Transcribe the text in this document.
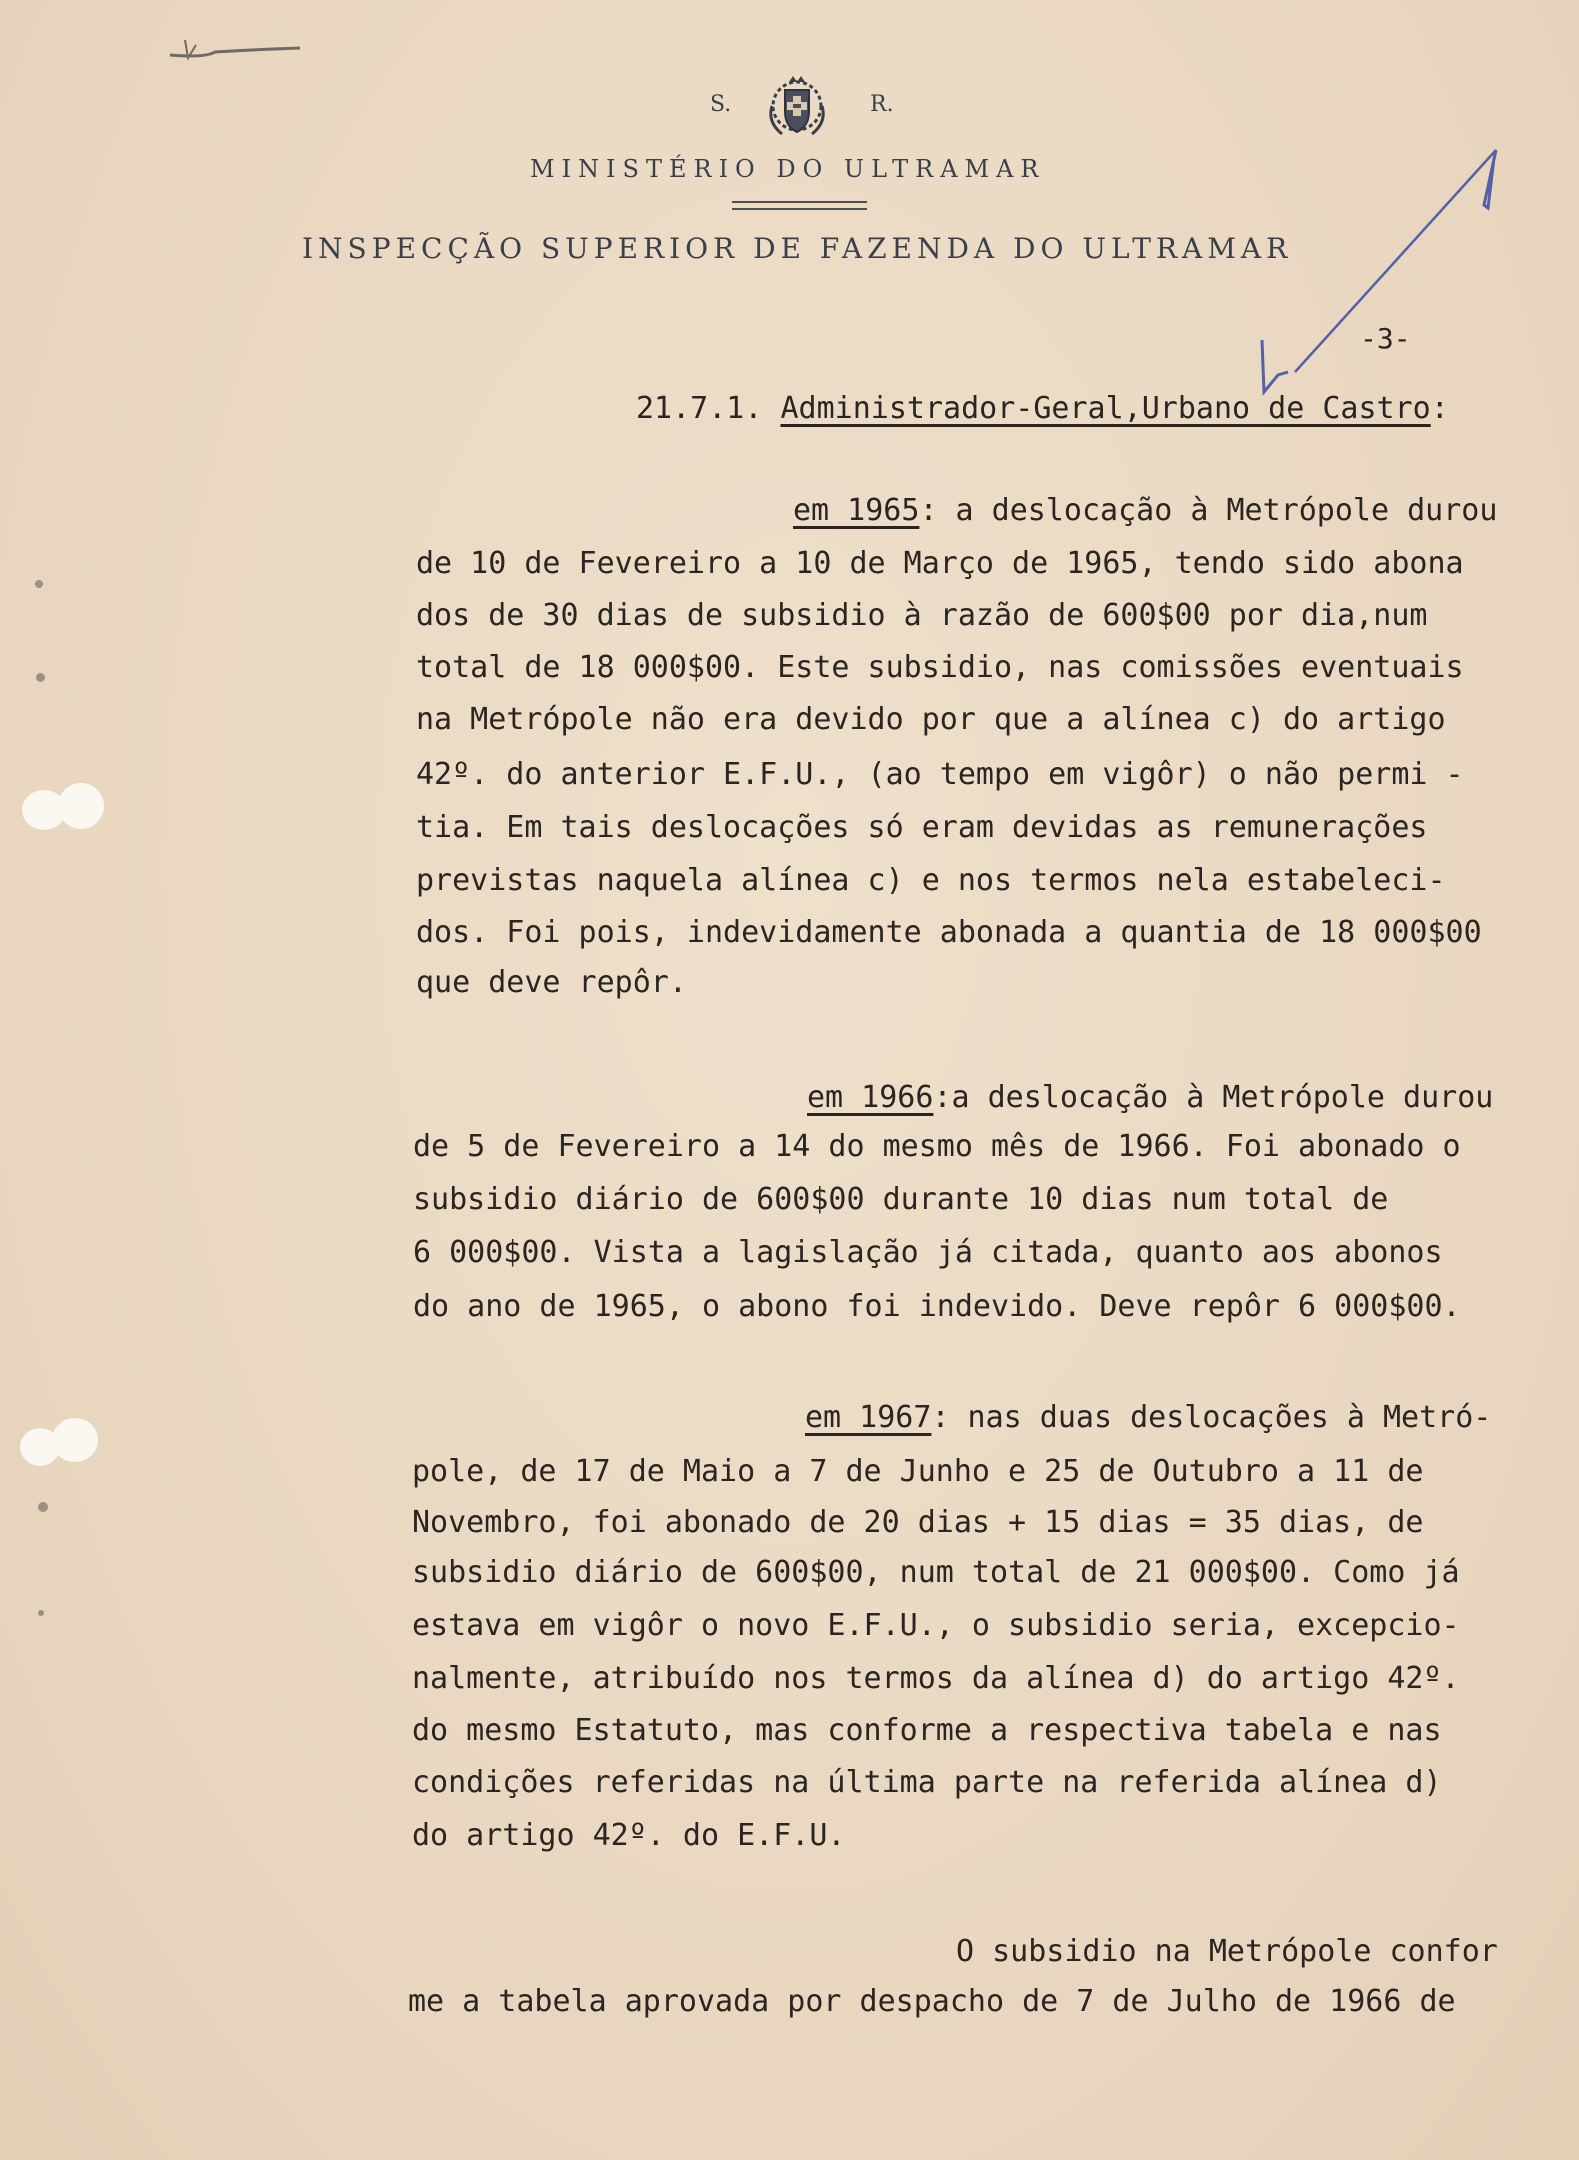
S.	R.
MINISTÉRIO DO ULTRAMAR
INSPECÇÃO SUPERIOR DE FAZENDA DO ULTRAMAR
-3-
21.7.1. Administrador-Geral,Urbano de Castro:
em 1965: a deslocação à Metrópole durou
de 10 de Fevereiro a 10 de Março de 1965, tendo sido abona
dos de 30 dias de subsidio à razão de 600$00 por dia,num
total de 18 000$00. Este subsidio, nas comissões eventuais
na Metrópole não era devido por que a alínea c) do artigo
42º. do anterior E.F.U., (ao tempo em vigôr) o não permi -
tia. Em tais deslocações só eram devidas as remunerações
previstas naquela alínea c) e nos termos nela estabeleci-
dos. Foi pois, indevidamente abonada a quantia de 18 000$00
que deve repôr.
em 1966:a deslocação à Metrópole durou
de 5 de Fevereiro a 14 do mesmo mês de 1966. Foi abonado o
subsidio diário de 600$00 durante 10 dias num total de
6 000$00. Vista a lagislação já citada, quanto aos abonos
do ano de 1965, o abono foi indevido. Deve repôr 6 000$00.
em 1967: nas duas deslocações à Metró-
pole, de 17 de Maio a 7 de Junho e 25 de Outubro a 11 de
Novembro, foi abonado de 20 dias + 15 dias = 35 dias, de
subsidio diário de 600$00, num total de 21 000$00. Como já
estava em vigôr o novo E.F.U., o subsidio seria, excepcio-
nalmente, atribuído nos termos da alínea d) do artigo 42º.
do mesmo Estatuto, mas conforme a respectiva tabela e nas
condições referidas na última parte na referida alínea d)
do artigo 42º. do E.F.U.
O subsidio na Metrópole confor
me a tabela aprovada por despacho de 7 de Julho de 1966 de
